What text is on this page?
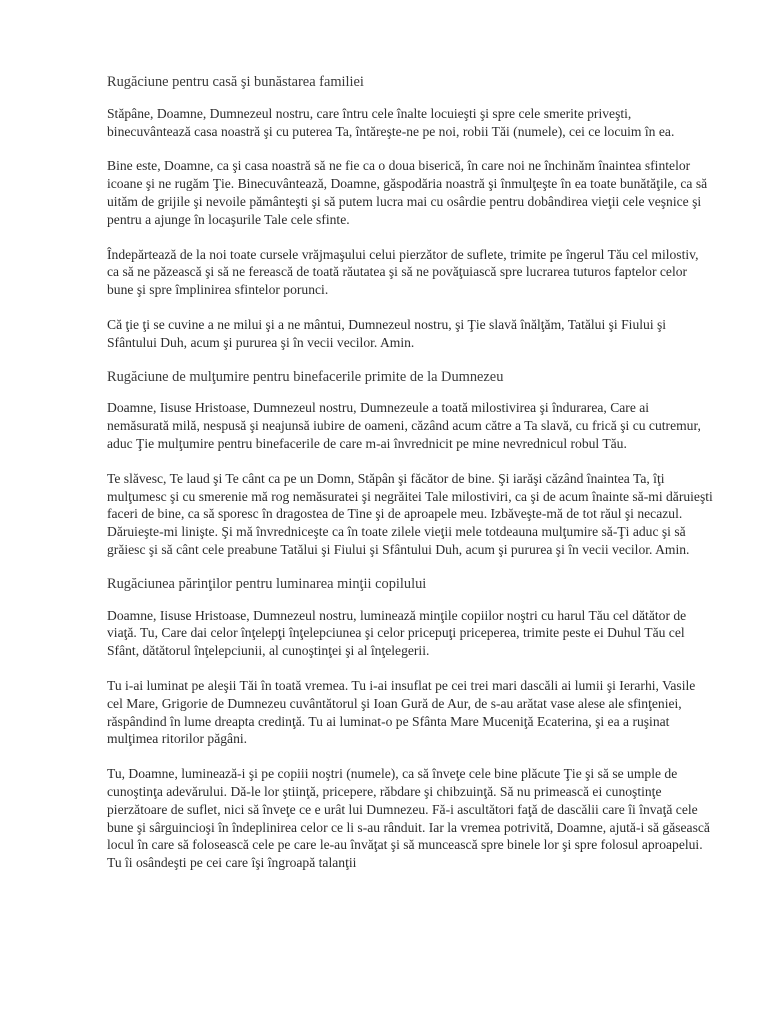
Rugăciune pentru casă şi bunăstarea familiei

Stăpâne, Doamne, Dumnezeul nostru, care întru cele înalte locuieşti şi spre cele smerite priveşti, binecuvântează casa noastră şi cu puterea Ta, întăreşte-ne pe noi, robii Tăi (numele), cei ce locuim în ea.

Bine este, Doamne, ca şi casa noastră să ne fie ca o doua biserică, în care noi ne închinăm înaintea sfintelor icoane şi ne rugăm Ţie. Binecuvântează, Doamne, găspodăria noastră şi înmulţeşte în ea toate bunătăţile, ca să uităm de grijile şi nevoile pământeşti şi să putem lucra mai cu osârdie pentru dobândirea vieţii cele veşnice şi pentru a ajunge în locaşurile Tale cele sfinte.

Îndepărtează de la noi toate cursele vrăjmaşului celui pierzător de suflete, trimite pe îngerul Tău cel milostiv, ca să ne păzească şi să ne ferească de toată răutatea şi să ne povăţuiască spre lucrarea tuturos faptelor celor bune şi spre împlinirea sfintelor porunci.

Că ţie ţi se cuvine a ne milui şi a ne mântui, Dumnezeul nostru, şi Ţie slavă înălţăm, Tatălui şi Fiului şi Sfântului Duh, acum şi pururea şi în vecii vecilor. Amin.

Rugăciune de mulţumire pentru binefacerile primite de la Dumnezeu

Doamne, Iisuse Hristoase, Dumnezeul nostru, Dumnezeule a toată milostivirea şi îndurarea, Care ai nemăsurată milă, nespusă şi neajunsă iubire de oameni, căzând acum către a Ta slavă, cu frică şi cu cutremur, aduc Ţie mulţumire pentru binefacerile de care m-ai învrednicit pe mine nevrednicul robul Tău.

Te slăvesc, Te laud şi Te cânt ca pe un Domn, Stăpân şi făcător de bine. Şi iarăşi căzând înaintea Ta, îţi mulţumesc şi cu smerenie mă rog nemăsuratei şi negrăitei Tale milostiviri, ca şi de acum înainte să-mi dăruieşti faceri de bine, ca să sporesc în dragostea de Tine şi de aproapele meu. Izbăveşte-mă de tot răul şi necazul. Dăruieşte-mi linişte. Şi mă învredniceşte ca în toate zilele vieţii mele totdeauna mulţumire să-Ţi aduc şi să grăiesc şi să cânt cele preabune Tatălui şi Fiului şi Sfântului Duh, acum şi pururea şi în vecii vecilor. Amin.

Rugăciunea părinţilor pentru luminarea minţii copilului

Doamne, Iisuse Hristoase, Dumnezeul nostru, luminează minţile copiilor noştri cu harul Tău cel dătător de viaţă. Tu, Care dai celor înţelepţi înţelepciunea şi celor pricepuţi priceperea, trimite peste ei Duhul Tău cel Sfânt, dătătorul înţelepciunii, al cunoştinţei şi al înţelegerii.

Tu i-ai luminat pe aleşii Tăi în toată vremea. Tu i-ai insuflat pe cei trei mari dascăli ai lumii şi Ierarhi, Vasile cel Mare, Grigorie de Dumnezeu cuvântătorul şi Ioan Gură de Aur, de s-au arătat vase alese ale sfinţeniei, răspândind în lume dreapta credinţă. Tu ai luminat-o pe Sfânta Mare Muceniţă Ecaterina, şi ea a ruşinat mulţimea ritorilor păgâni.

Tu, Doamne, luminează-i şi pe copiii noştri (numele), ca să înveţe cele bine plăcute Ţie şi să se umple de cunoştinţa adevărului. Dă-le lor ştiinţă, pricepere, răbdare şi chibzuinţă. Să nu primească ei cunoştinţe pierzătoare de suflet, nici să înveţe ce e urât lui Dumnezeu. Fă-i ascultători faţă de dascălii care îi învaţă cele bune şi sârguincioşi în îndeplinirea celor ce li s-au rânduit. Iar la vremea potrivită, Doamne, ajută-i să găsească locul în care să folosească cele pe care le-au învăţat şi să muncească spre binele lor şi spre folosul aproapelui. Tu îi osândeşti pe cei care îşi îngroapă talanţii
